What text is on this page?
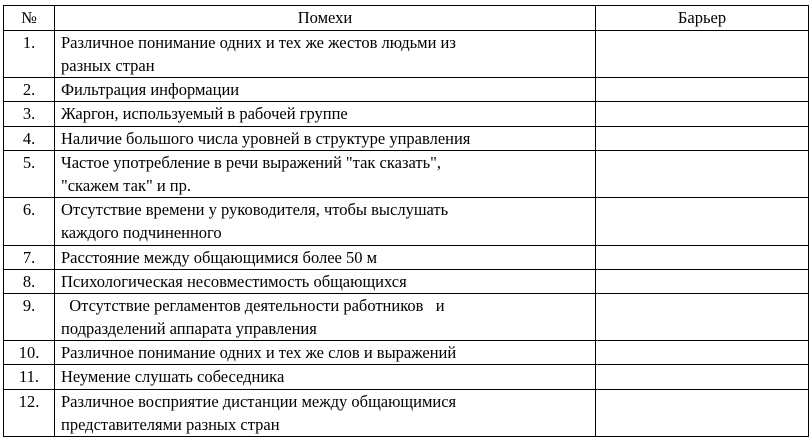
№	Помехи	Барьер

1.	Различное понимание одних и тех же жестов людьми из
разных стран	

2.	Фильтрация информации	

3.	Жаргон, используемый в рабочей группе	

4.	Наличие большого числа уровней в структуре управления	

5.	Частое употребление в речи выражений "так сказать",
"скажем так" и пр.	

6.	Отсутствие времени у руководителя, чтобы выслушать
каждого подчиненного	

7.	Расстояние между общающимися более 50 м	

8.	Психологическая несовместимость общающихся	

9.	Отсутствие регламентов деятельности работников   и
подразделений аппарата управления	

10.	Различное понимание одних и тех же слов и выражений	

11.	Неумение слушать собеседника	

12.	Различное восприятие дистанции между общающимися
представителями разных стран	
